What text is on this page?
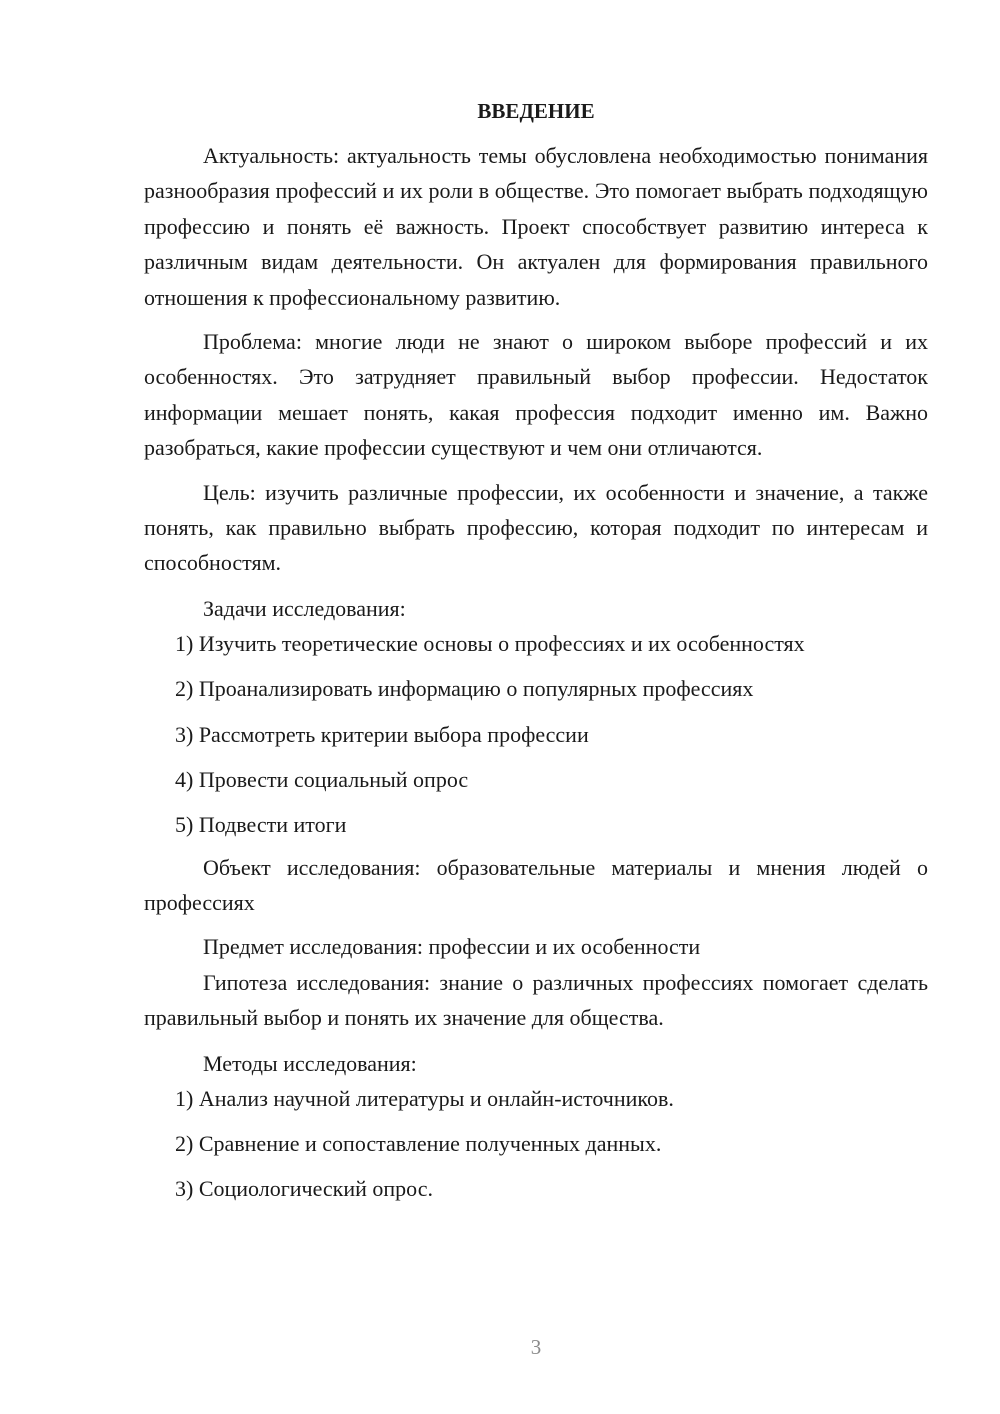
ВВЕДЕНИЕ

Актуальность: актуальность темы обусловлена необходимостью понимания разнообразия профессий и их роли в обществе. Это помогает выбрать подходящую профессию и понять её важность. Проект способствует развитию интереса к различным видам деятельности. Он актуален для формирования правильного отношения к профессиональному развитию.

Проблема: многие люди не знают о широком выборе профессий и их особенностях. Это затрудняет правильный выбор профессии. Недостаток информации мешает понять, какая профессия подходит именно им. Важно разобраться, какие профессии существуют и чем они отличаются.

Цель: изучить различные профессии, их особенности и значение, а также понять, как правильно выбрать профессию, которая подходит по интересам и способностям.

Задачи исследования:

1) Изучить теоретические основы о профессиях и их особенностях
2) Проанализировать информацию о популярных профессиях
3) Рассмотреть критерии выбора профессии
4) Провести социальный опрос
5) Подвести итоги

Объект исследования: образовательные материалы и мнения людей о профессиях

Предмет исследования: профессии и их особенности

Гипотеза исследования: знание о различных профессиях помогает сделать правильный выбор и понять их значение для общества.

Методы исследования:

1) Анализ научной литературы и онлайн-источников.
2) Сравнение и сопоставление полученных данных.
3) Социологический опрос.
3
